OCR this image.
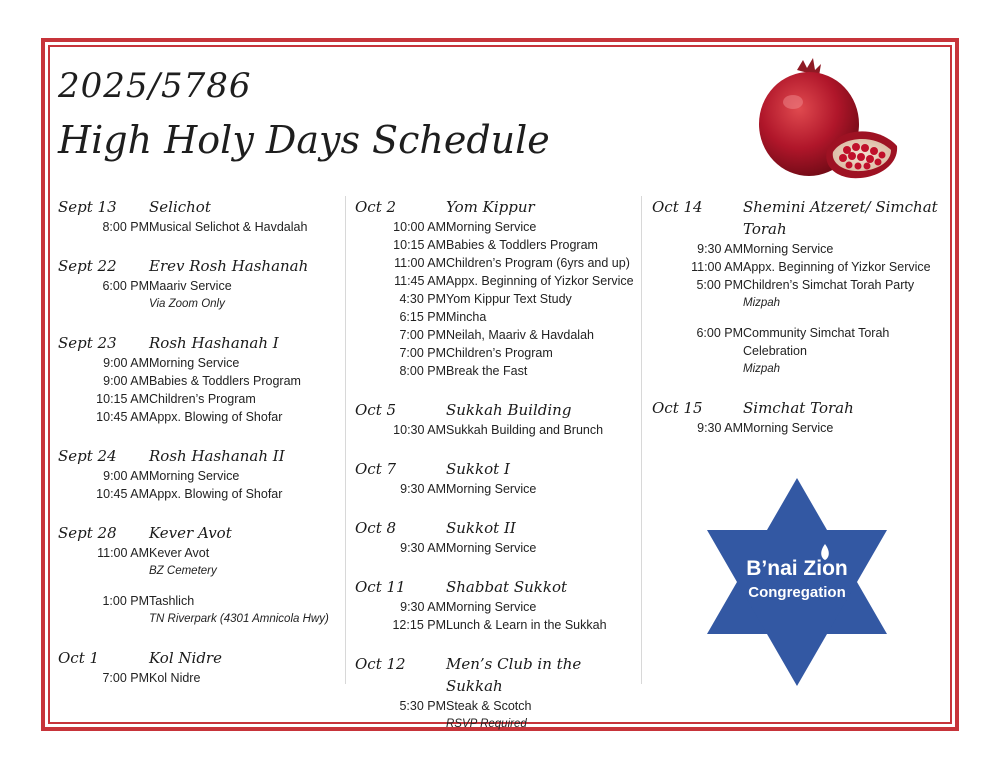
2025/5786
High Holy Days Schedule
Sept 13	Selichot
8:00 PM Musical Selichot & Havdalah
Sept 22	Erev Rosh Hashanah
6:00 PM Maariv Service
Via Zoom Only
Sept 23	Rosh Hashanah I
9:00 AM Morning Service
9:00 AM Babies & Toddlers Program
10:15 AM Children’s Program
10:45 AM Appx. Blowing of Shofar
Sept 24	Rosh Hashanah II
9:00 AM Morning Service
10:45 AM Appx. Blowing of Shofar
Sept 28	Kever Avot
11:00 AM Kever Avot
BZ Cemetery
1:00 PM Tashlich
TN Riverpark (4301 Amnicola Hwy)
Oct 1	Kol Nidre
7:00 PM Kol Nidre
Oct 2	Yom Kippur
10:00 AM Morning Service
10:15 AM Babies & Toddlers Program
11:00 AM Children’s Program (6yrs and up)
11:45 AM Appx. Beginning of Yizkor Service
4:30 PM Yom Kippur Text Study
6:15 PM Mincha
7:00 PM Neilah, Maariv & Havdalah
7:00 PM Children’s Program
8:00 PM Break the Fast
Oct 5	Sukkah Building
10:30 AM Sukkah Building and Brunch
Oct 7	Sukkot I
9:30 AM Morning Service
Oct 8	Sukkot II
9:30 AM Morning Service
Oct 11	Shabbat Sukkot
9:30 AM Morning Service
12:15 PM Lunch & Learn in the Sukkah
Oct 12	Men’s Club in the Sukkah
5:30 PM Steak & Scotch
RSVP Required
Oct 14	Shemini Atzeret/ Simchat Torah
9:30 AM Morning Service
11:00 AM Appx. Beginning of Yizkor Service
5:00 PM Children’s Simchat Torah Party
Mizpah
6:00 PM Community Simchat Torah Celebration
Mizpah
Oct 15	Simchat Torah
9:30 AM Morning Service
B’nai Zion
Congregation
